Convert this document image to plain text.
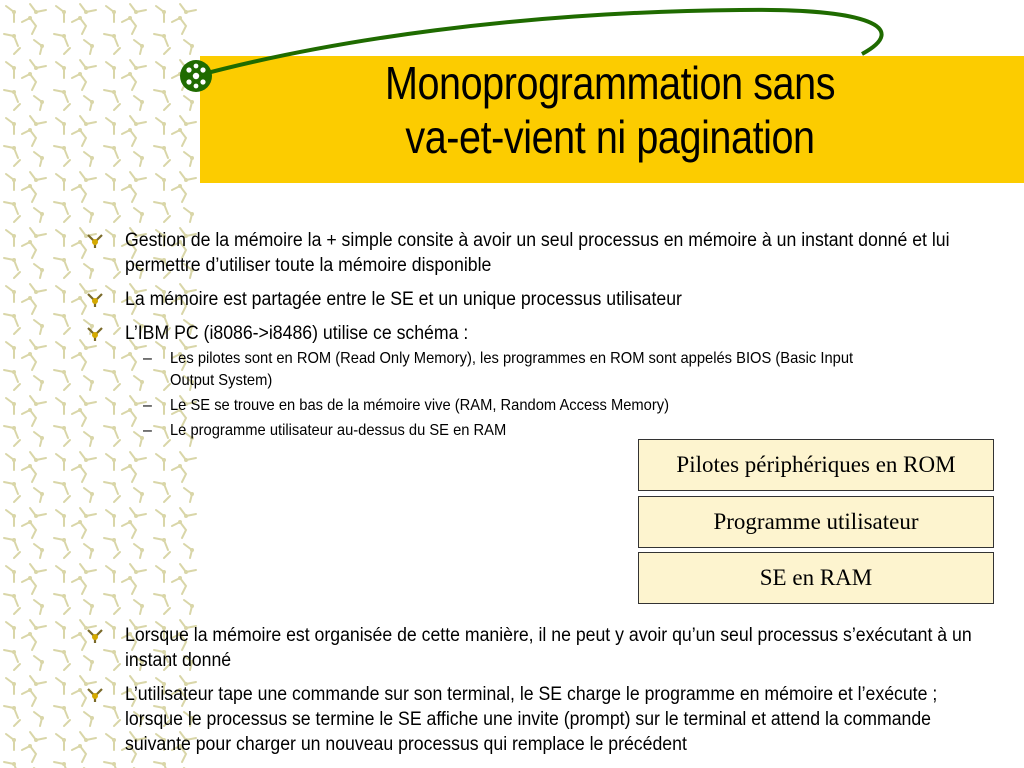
Monoprogrammation sans
va-et-vient ni pagination
Gestion de la mémoire la + simple consite à avoir un seul processus en mémoire à un instant donné et lui permettre d’utiliser toute la mémoire disponible
La mémoire est partagée entre le SE et un unique processus utilisateur
L’IBM PC (i8086->i8486) utilise ce schéma :
– Les pilotes sont en ROM (Read Only Memory), les programmes en ROM sont appelés BIOS (Basic Input Output System)
– Le SE se trouve en bas de la mémoire vive (RAM, Random Access Memory)
– Le programme utilisateur au-dessus du SE en RAM
Pilotes périphériques en ROM
Programme utilisateur
SE en RAM
Lorsque la mémoire est organisée de cette manière, il ne peut y avoir qu’un seul processus s’exécutant à un instant donné
L’utilisateur tape une commande sur son terminal, le SE charge le programme en mémoire et l’exécute ; lorsque le processus se termine le SE affiche une invite (prompt) sur le terminal et attend la commande suivante pour charger un nouveau processus qui remplace le précédent
